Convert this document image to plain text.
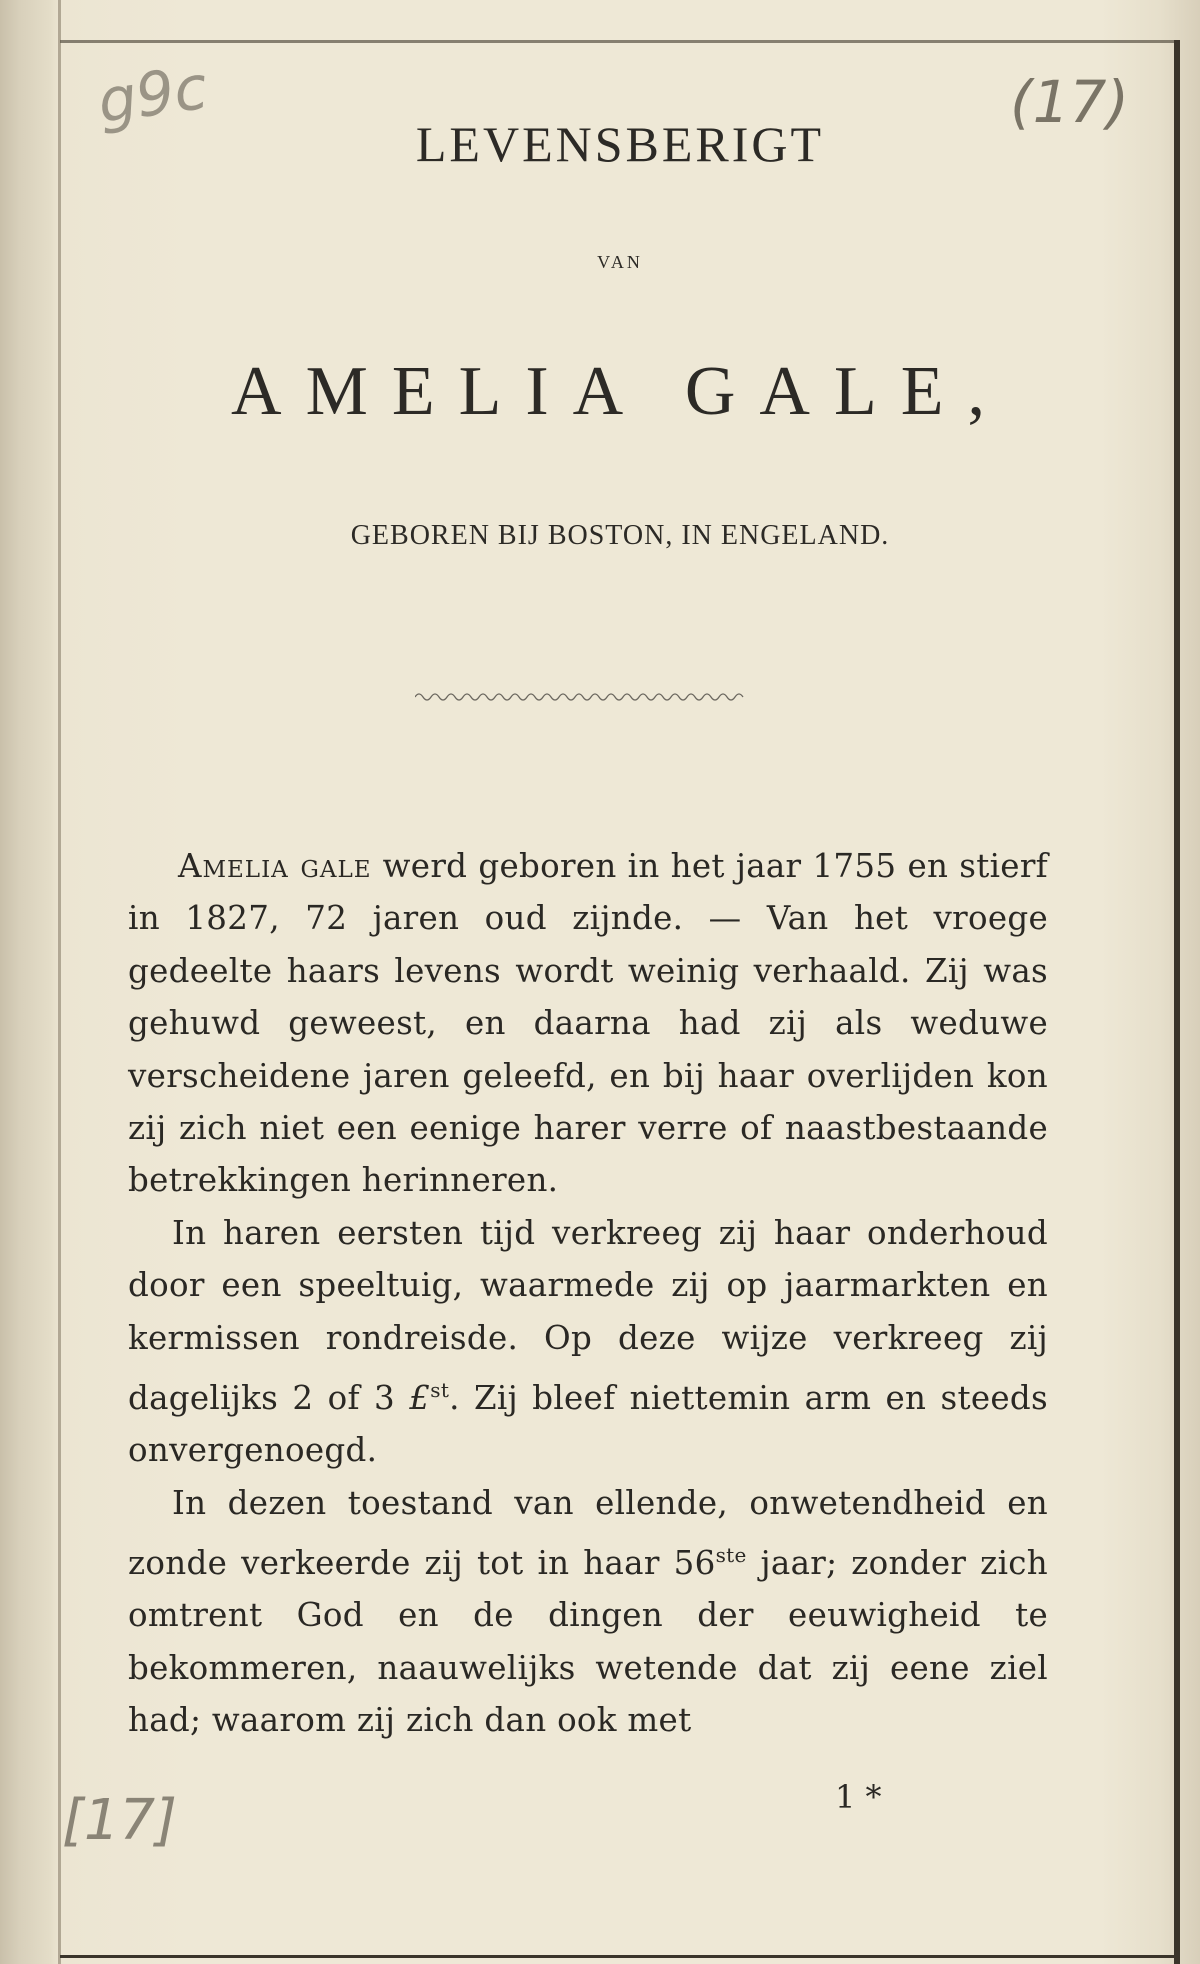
g9c	(17)
[17]
LEVENSBERIGT
VAN
AMELIA GALE,
GEBOREN BIJ BOSTON, IN ENGELAND.

Amelia gale werd geboren in het jaar 1755 en stierf in 1827, 72 jaren oud zijnde. — Van het vroege gedeelte haars levens wordt weinig verhaald. Zij was gehuwd geweest, en daarna had zij als weduwe verscheidene jaren geleefd, en bij haar overlijden kon zij zich niet een eenige harer verre of naastbestaande betrekkingen herinneren.

In haren eersten tijd verkreeg zij haar onderhoud door een speeltuig, waarmede zij op jaarmarkten en kermissen rondreisde. Op deze wijze verkreeg zij dagelijks 2 of 3 £$^{st}$. Zij bleef niettemin arm en steeds onvergenoegd.

In dezen toestand van ellende, onwetendheid en zonde verkeerde zij tot in haar 56ste jaar; zonder zich omtrent God en de dingen der eeuwigheid te bekommeren, naauwelijks wetende dat zij eene ziel had; waarom zij zich dan ook met

1 *
